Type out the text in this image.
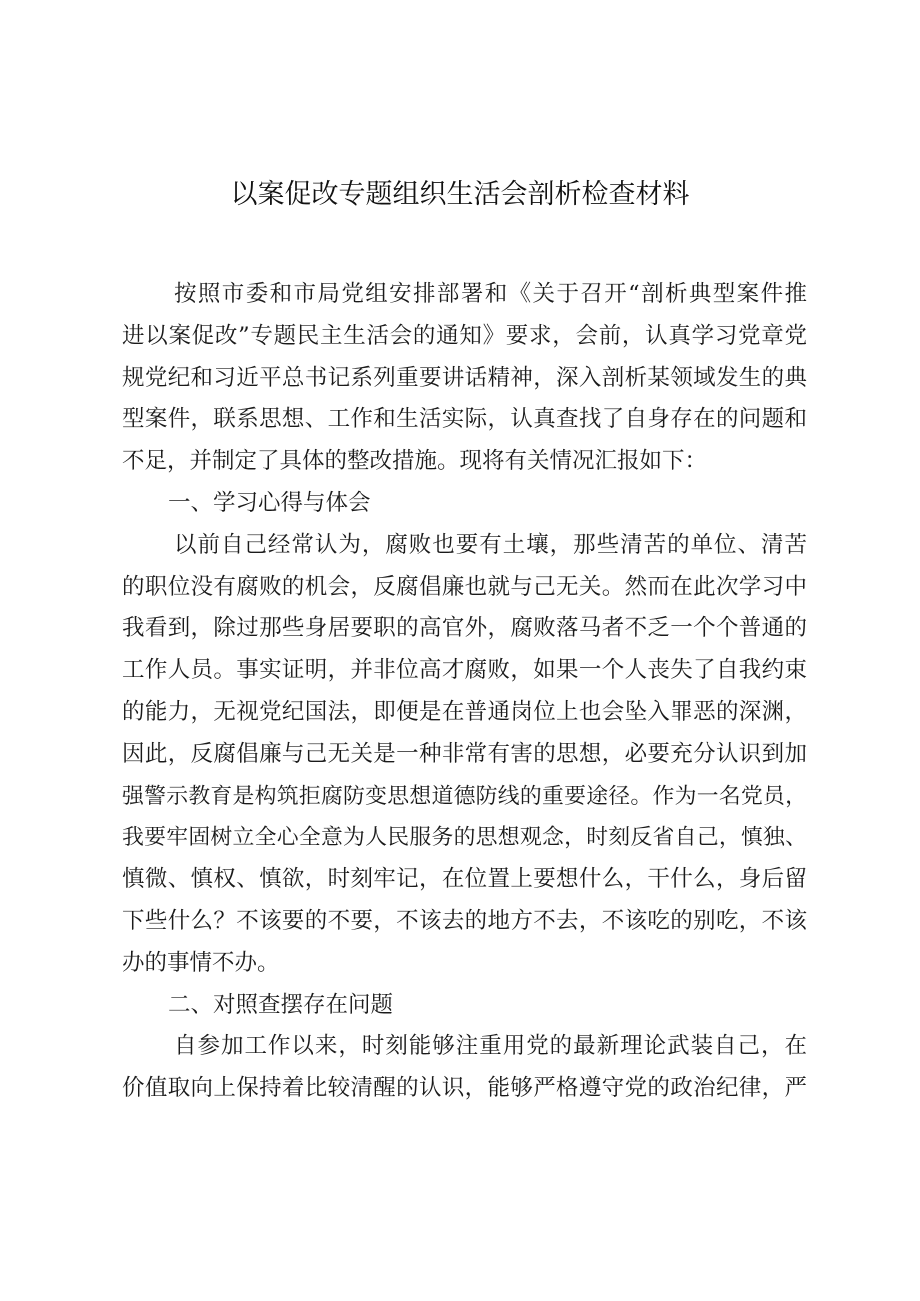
以案促改专题组织生活会剖析检查材料
按照市委和市局党组安排部署和《关于召开“剖析典型案件推
进以案促改”专题民主生活会的通知》要求，会前，认真学习党章党
规党纪和习近平总书记系列重要讲话精神，深入剖析某领域发生的典
型案件，联系思想、工作和生活实际，认真查找了自身存在的问题和
不足，并制定了具体的整改措施。现将有关情况汇报如下：
一、学习心得与体会
以前自己经常认为，腐败也要有土壤，那些清苦的单位、清苦
的职位没有腐败的机会，反腐倡廉也就与己无关。然而在此次学习中
我看到，除过那些身居要职的高官外，腐败落马者不乏一个个普通的
工作人员。事实证明，并非位高才腐败，如果一个人丧失了自我约束
的能力，无视党纪国法，即便是在普通岗位上也会坠入罪恶的深渊，
因此，反腐倡廉与己无关是一种非常有害的思想，必要充分认识到加
强警示教育是构筑拒腐防变思想道德防线的重要途径。作为一名党员，
我要牢固树立全心全意为人民服务的思想观念，时刻反省自己，慎独、
慎微、慎权、慎欲，时刻牢记，在位置上要想什么，干什么，身后留
下些什么？不该要的不要，不该去的地方不去，不该吃的别吃，不该
办的事情不办。
二、对照查摆存在问题
自参加工作以来，时刻能够注重用党的最新理论武装自己，在
价值取向上保持着比较清醒的认识，能够严格遵守党的政治纪律，严
